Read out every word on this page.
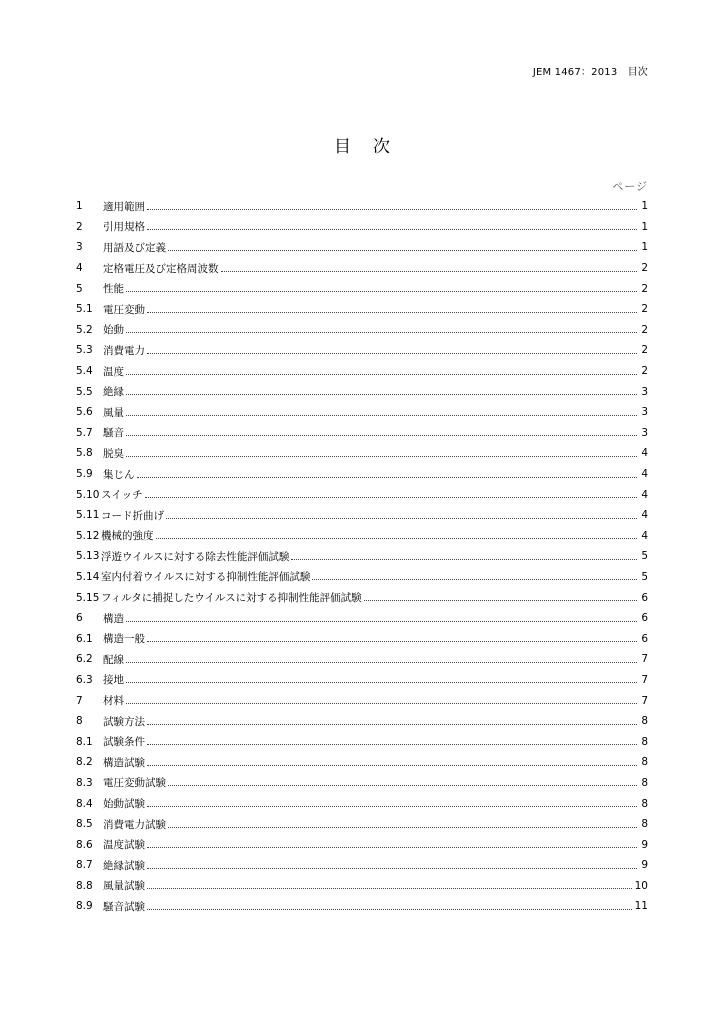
JEM 1467：2013　目次
目次
ページ
1	適用範囲	1
2	引用規格	1
3	用語及び定義	1
4	定格電圧及び定格周波数	2
5	性能	2
5.1 電圧変動	2
5.2 始動	2
5.3 消費電力	2
5.4 温度	2
5.5 絶縁	3
5.6 風量	3
5.7 騒音	3
5.8 脱臭	4
5.9 集じん	4
5.10 スイッチ	4
5.11 コード折曲げ	4
5.12 機械的強度	4
5.13 浮遊ウイルスに対する除去性能評価試験	5
5.14 室内付着ウイルスに対する抑制性能評価試験	5
5.15 フィルタに捕捉したウイルスに対する抑制性能評価試験	6
6	構造	6
6.1 構造一般	6
6.2 配線	7
6.3 接地	7
7	材料	7
8	試験方法	8
8.1 試験条件	8
8.2 構造試験	8
8.3 電圧変動試験	8
8.4 始動試験	8
8.5 消費電力試験	8
8.6 温度試験	9
8.7 絶縁試験	9
8.8 風量試験	10
8.9 騒音試験	11
